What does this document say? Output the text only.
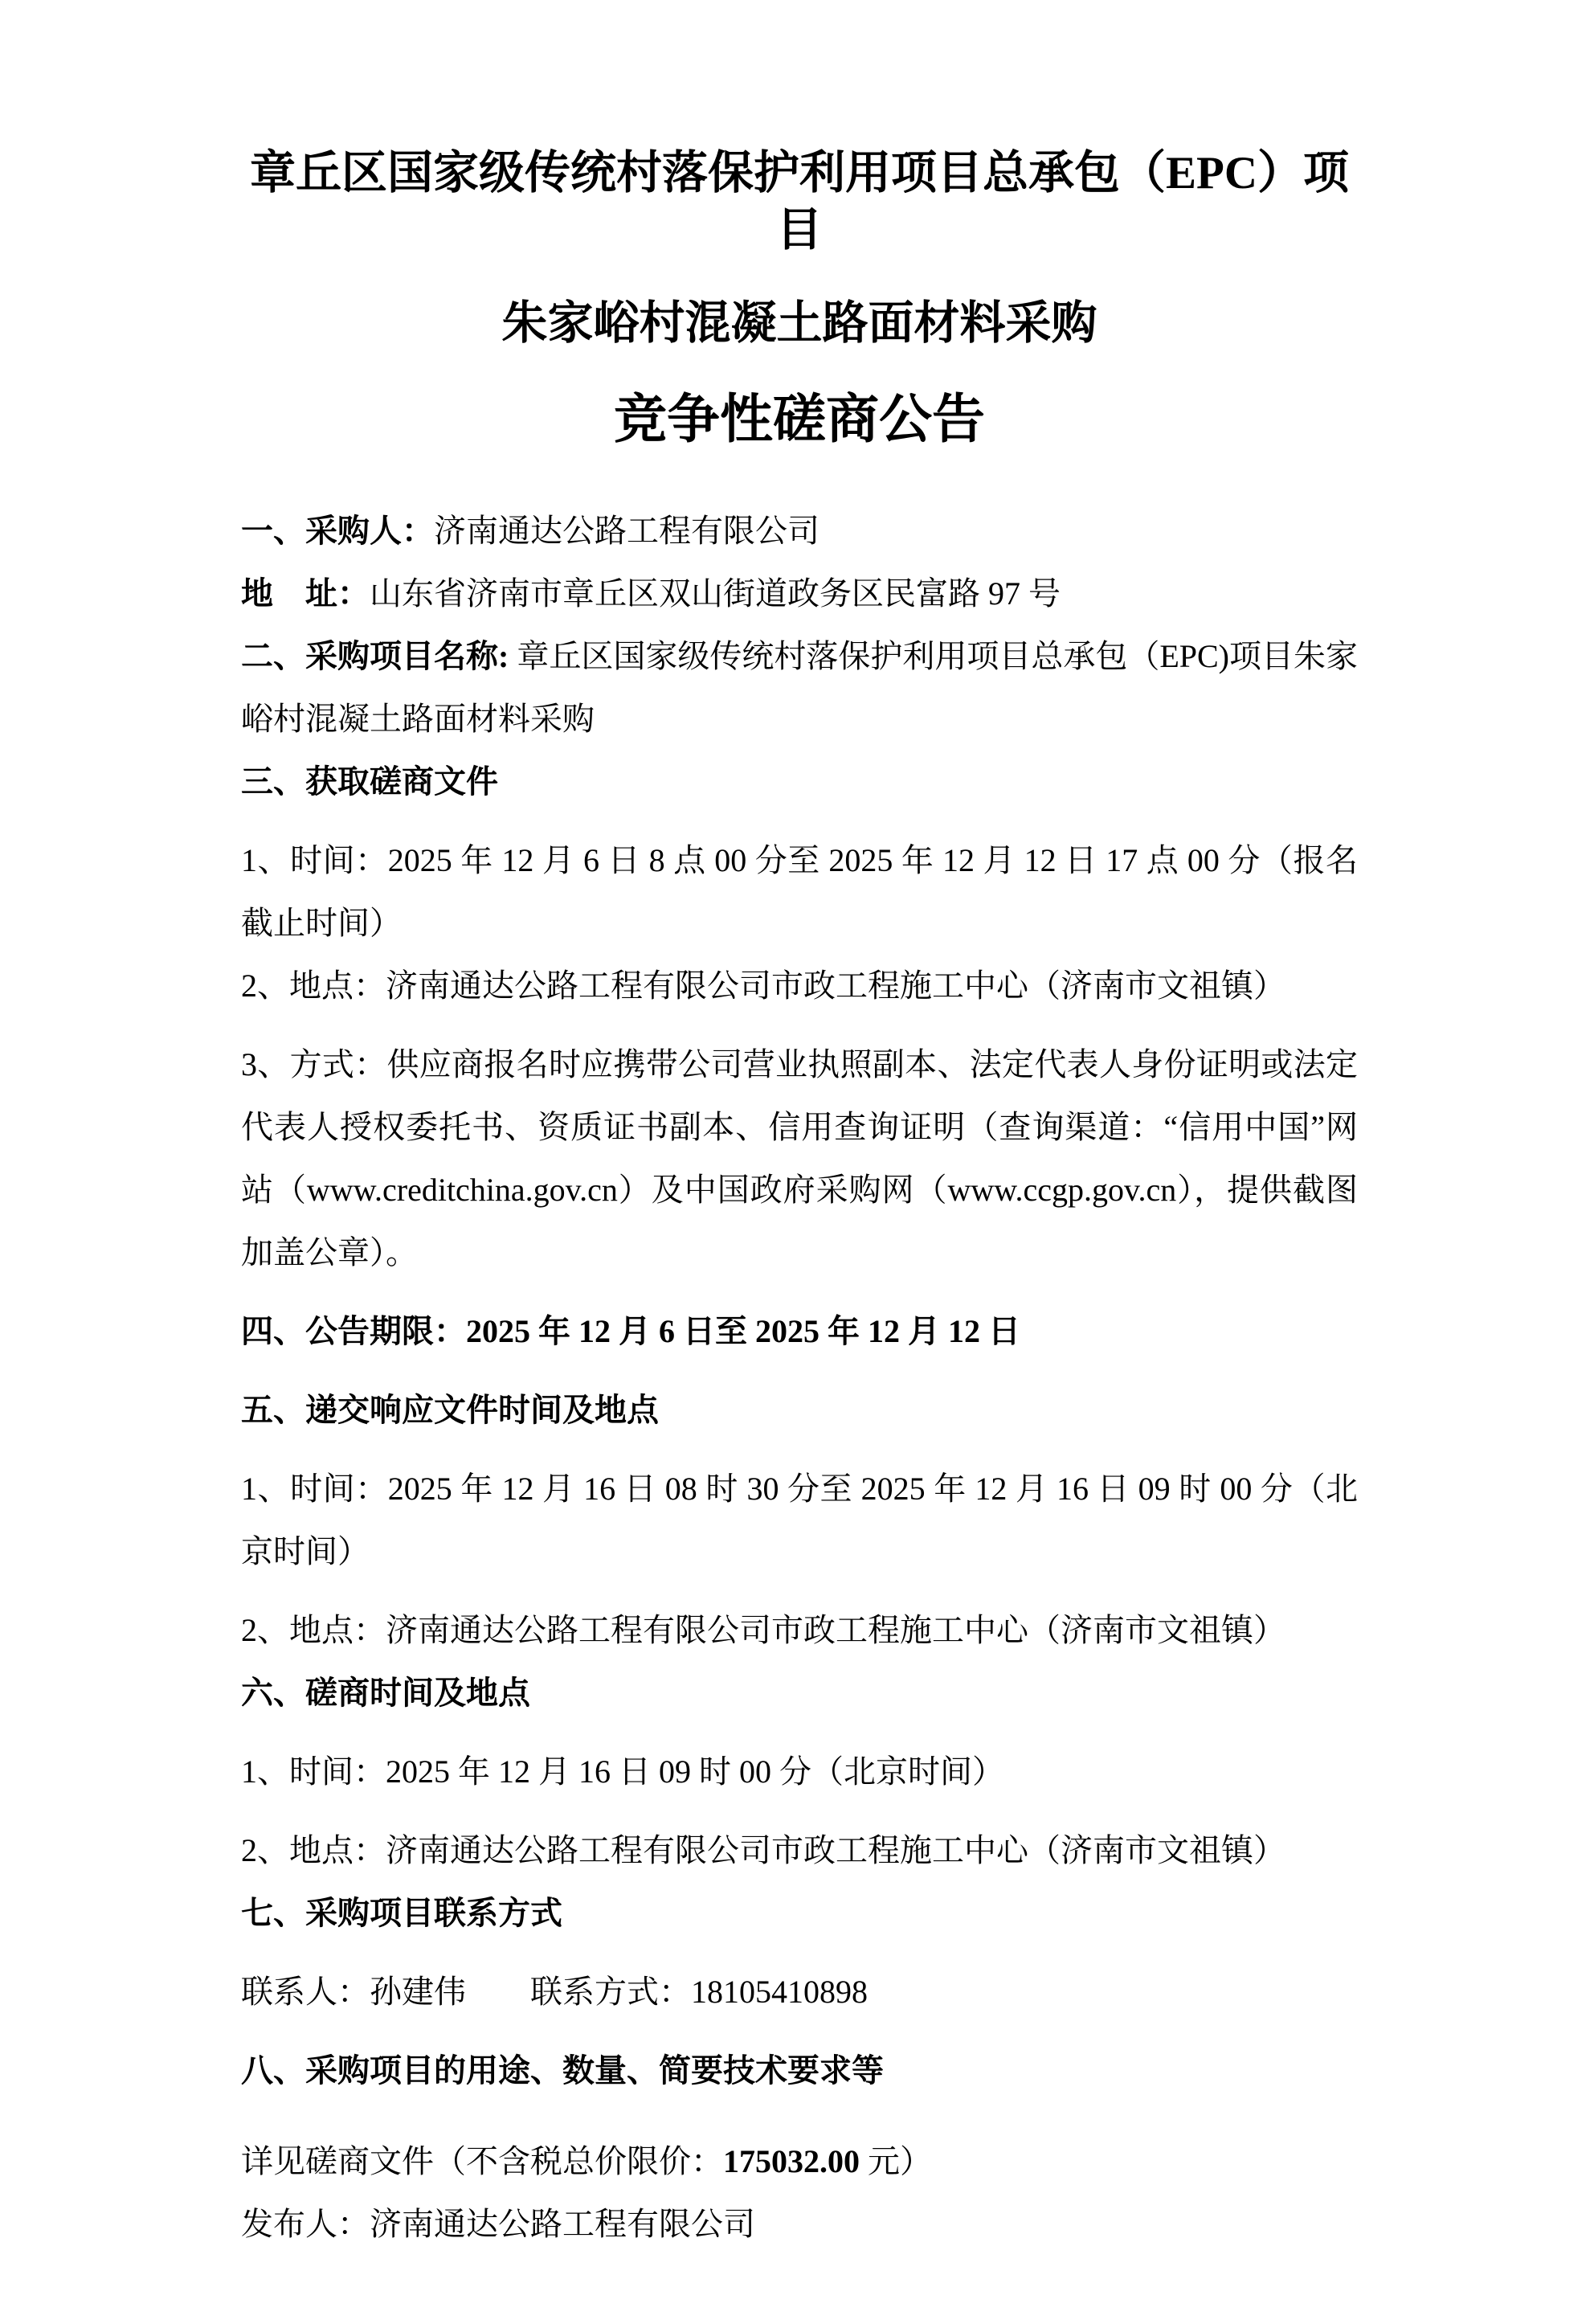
章丘区国家级传统村落保护利用项目总承包（EPC）项目

朱家峪村混凝土路面材料采购

竞争性磋商公告

一、采购人：济南通达公路工程有限公司

地　址：山东省济南市章丘区双山街道政务区民富路 97 号

二、采购项目名称: 章丘区国家级传统村落保护利用项目总承包（EPC)项目朱家峪村混凝土路面材料采购

三、获取磋商文件

1、时间：2025 年 12 月 6 日 8 点 00 分至 2025 年 12 月 12 日 17 点 00 分（报名截止时间）

2、地点：济南通达公路工程有限公司市政工程施工中心（济南市文祖镇）

3、方式：供应商报名时应携带公司营业执照副本、法定代表人身份证明或法定代表人授权委托书、资质证书副本、信用查询证明（查询渠道：“信用中国”网站（www.creditchina.gov.cn）及中国政府采购网（www.ccgp.gov.cn），提供截图加盖公章）。

四、公告期限：2025 年 12 月 6 日至 2025 年 12 月 12 日

五、递交响应文件时间及地点

1、时间：2025 年 12 月 16 日 08 时 30 分至 2025 年 12 月 16 日 09 时 00 分（北京时间）

2、地点：济南通达公路工程有限公司市政工程施工中心（济南市文祖镇）

六、磋商时间及地点

1、时间：2025 年 12 月 16 日 09 时 00 分（北京时间）

2、地点：济南通达公路工程有限公司市政工程施工中心（济南市文祖镇）

七、采购项目联系方式

联系人：孙建伟　　 联系方式：18105410898

八、采购项目的用途、数量、简要技术要求等

详见磋商文件（不含税总价限价：175032.00 元）

发布人：济南通达公路工程有限公司
